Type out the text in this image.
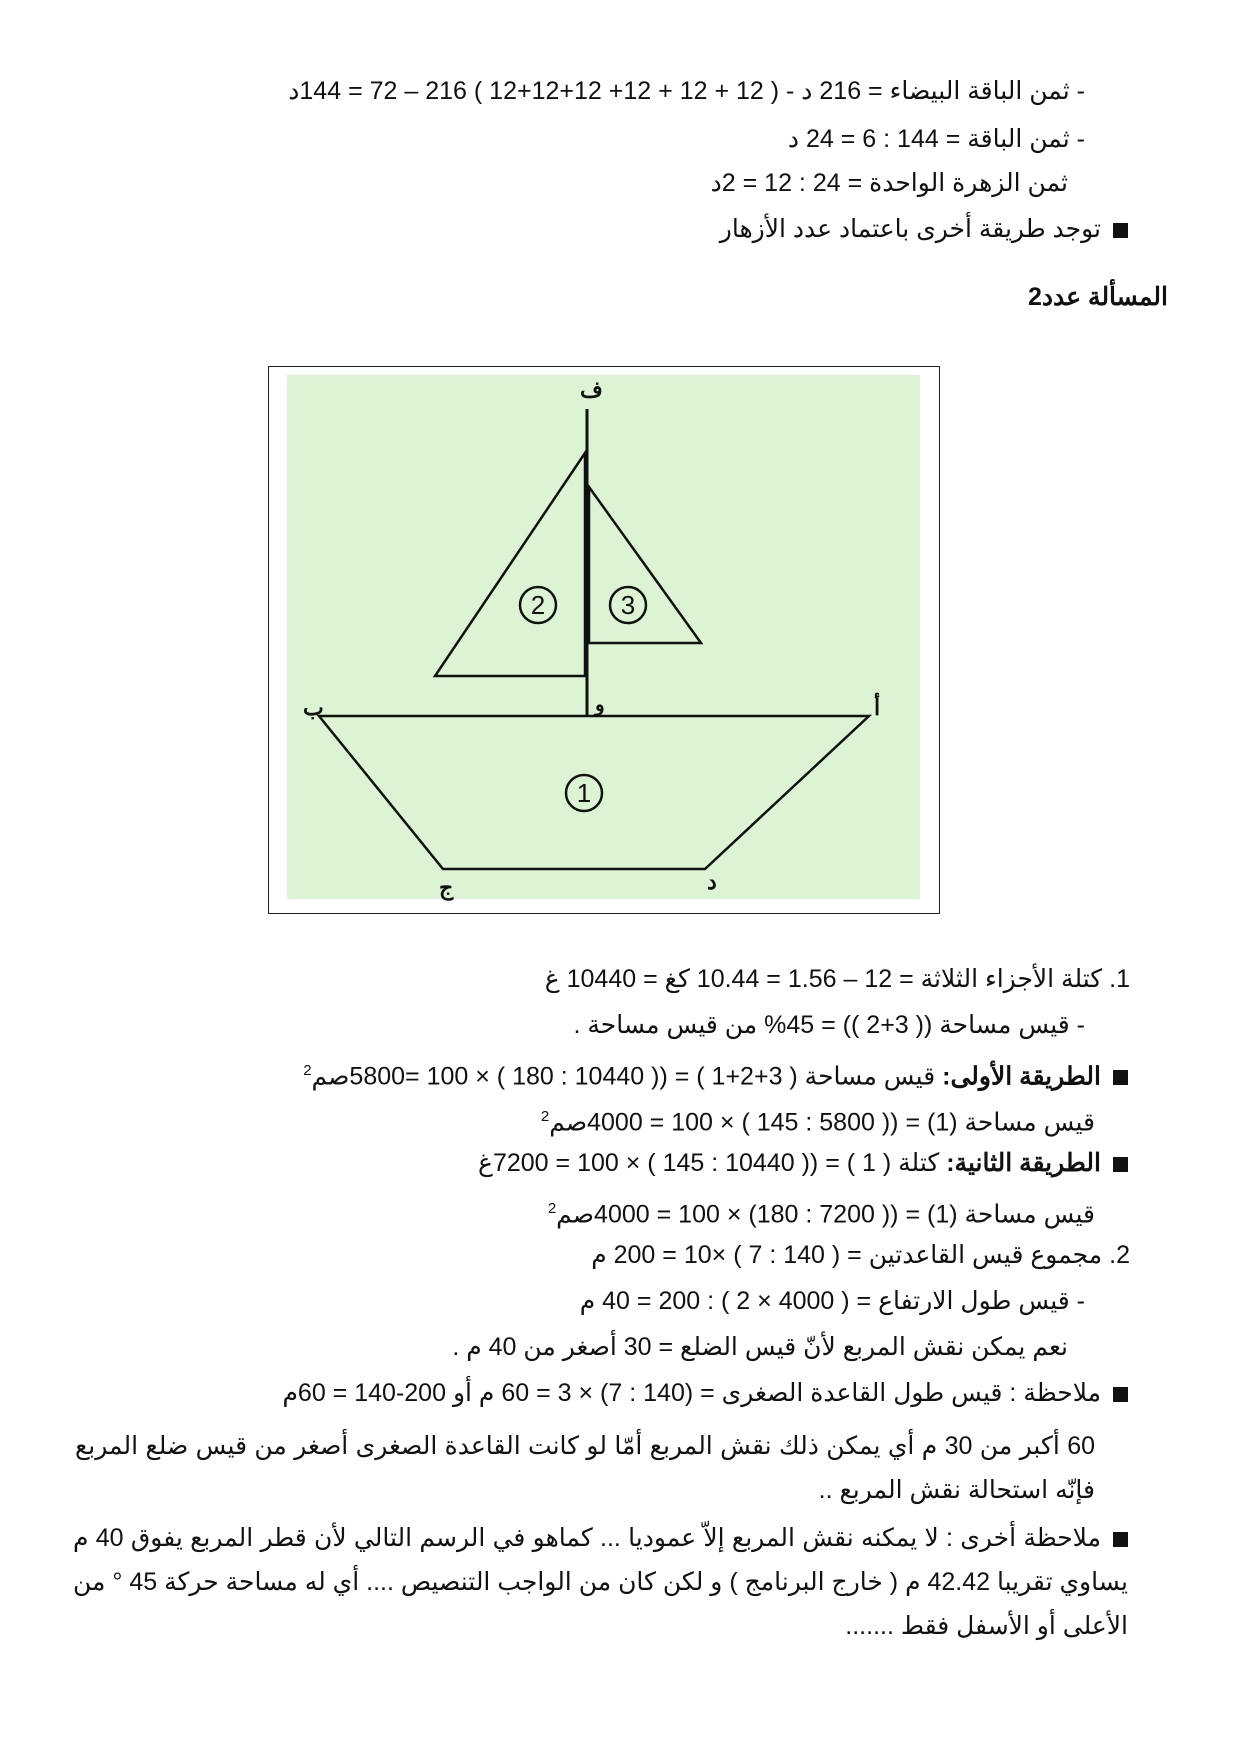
- ثمن الباقة البيضاء = 216 د - ( 12 + 12 + 12+ 12+12+12 ) 216 – 72 = 144د
- ثمن الباقة = 144 : 6 = 24 د
ثمن الزهرة الواحدة = 24 : 12 = 2د
توجد طريقة أخرى باعتماد عدد الأزهار
المسألة عدد2
2	3
1
ف
ب	أ
و
ج	د
1. كتلة الأجزاء الثلاثة = 12 – 1.56 = 10.44 كغ = 10440 غ
- قيس مساحة (( 3+2 )) = 45% من قيس مساحة .
الطريقة الأولى: قيس مساحة ( 3+2+1 ) = (( 10440 : 180 ) × 100 =5800صم$^2$
قيس مساحة (1) = (( 5800 : 145 ) × 100 = 4000صم$^2$
الطريقة الثانية: كتلة ( 1 ) = (( 10440 : 145 ) × 100 = 7200غ
قيس مساحة (1) = (( 7200 : 180) × 100 = 4000صم$^2$
2. مجموع قيس القاعدتين = ( 140 : 7 ) ×10 = 200 م
- قيس طول الارتفاع = ( 4000 × 2 ) : 200 = 40 م
نعم يمكن نقش المربع لأنّ قيس الضلع = 30 أصغر من 40 م .
ملاحظة : قيس طول القاعدة الصغرى = (140 : 7) × 3 = 60 م أو 200-140 = 60م
60 أكبر من 30 م أي يمكن ذلك نقش المربع أمّا لو كانت القاعدة الصغرى أصغر من قيس ضلع المربع فإنّه استحالة نقش المربع ..
ملاحظة أخرى : لا يمكنه نقش المربع إلاّ عموديا ... كماهو في الرسم التالي لأن قطر المربع يفوق 40 م يساوي تقريبا 42.42 م ( خارج البرنامج ) و لكن كان من الواجب التنصيص .... أي له مساحة حركة 45 ° من الأعلى أو الأسفل فقط .......
